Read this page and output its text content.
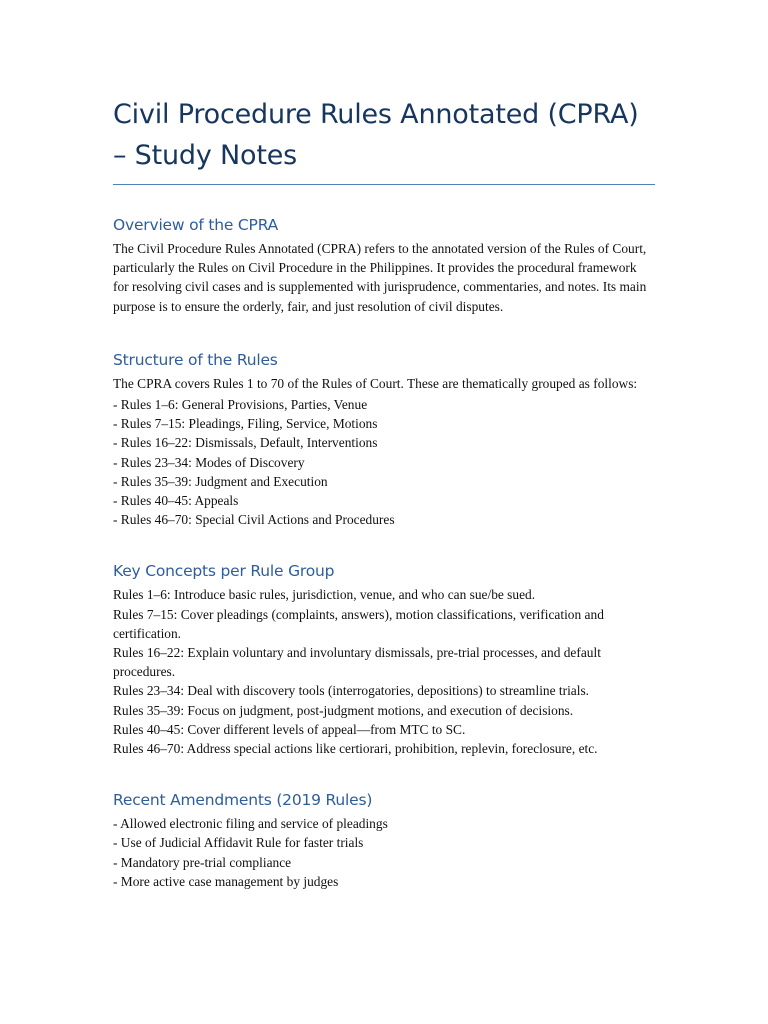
Civil Procedure Rules Annotated (CPRA) – Study Notes
Overview of the CPRA

The Civil Procedure Rules Annotated (CPRA) refers to the annotated version of the Rules of Court, particularly the Rules on Civil Procedure in the Philippines. It provides the procedural framework for resolving civil cases and is supplemented with jurisprudence, commentaries, and notes. Its main purpose is to ensure the orderly, fair, and just resolution of civil disputes.

Structure of the Rules

The CPRA covers Rules 1 to 70 of the Rules of Court. These are thematically grouped as follows:

- Rules 1–6: General Provisions, Parties, Venue

- Rules 7–15: Pleadings, Filing, Service, Motions

- Rules 16–22: Dismissals, Default, Interventions

- Rules 23–34: Modes of Discovery

- Rules 35–39: Judgment and Execution

- Rules 40–45: Appeals

- Rules 46–70: Special Civil Actions and Procedures

Key Concepts per Rule Group

Rules 1–6: Introduce basic rules, jurisdiction, venue, and who can sue/be sued.

Rules 7–15: Cover pleadings (complaints, answers), motion classifications, verification and certification.

Rules 16–22: Explain voluntary and involuntary dismissals, pre-trial processes, and default procedures.

Rules 23–34: Deal with discovery tools (interrogatories, depositions) to streamline trials.

Rules 35–39: Focus on judgment, post-judgment motions, and execution of decisions.

Rules 40–45: Cover different levels of appeal—from MTC to SC.

Rules 46–70: Address special actions like certiorari, prohibition, replevin, foreclosure, etc.

Recent Amendments (2019 Rules)

- Allowed electronic filing and service of pleadings

- Use of Judicial Affidavit Rule for faster trials

- Mandatory pre-trial compliance

- More active case management by judges
